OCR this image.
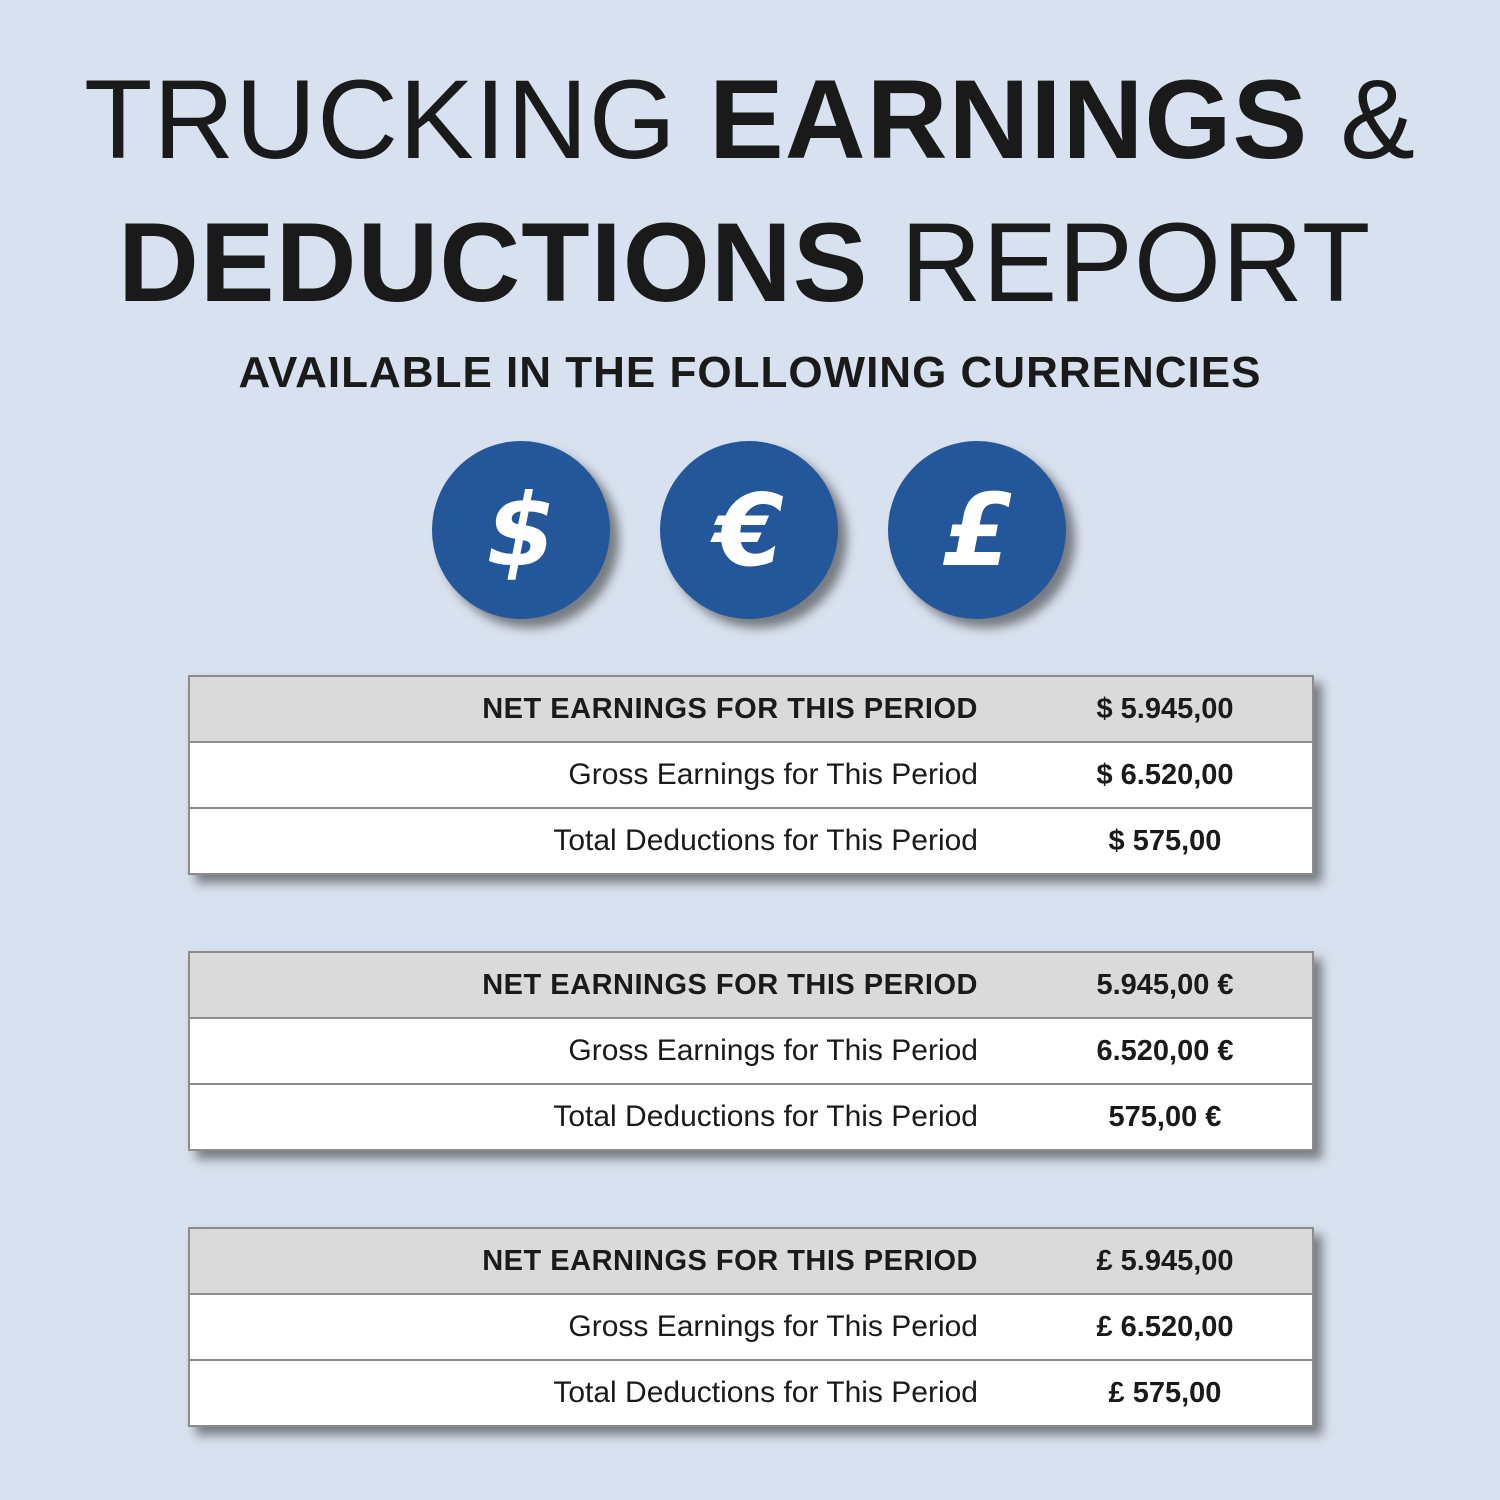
TRUCKING EARNINGS &
DEDUCTIONS REPORT
AVAILABLE IN THE FOLLOWING CURRENCIES
$	€	£
NET EARNINGS FOR THIS PERIOD	$ 5.945,00
Gross Earnings for This Period	$ 6.520,00
Total Deductions for This Period	$ 575,00
NET EARNINGS FOR THIS PERIOD	5.945,00 €
Gross Earnings for This Period	6.520,00 €
Total Deductions for This Period	575,00 €
NET EARNINGS FOR THIS PERIOD	£ 5.945,00
Gross Earnings for This Period	£ 6.520,00
Total Deductions for This Period	£ 575,00
